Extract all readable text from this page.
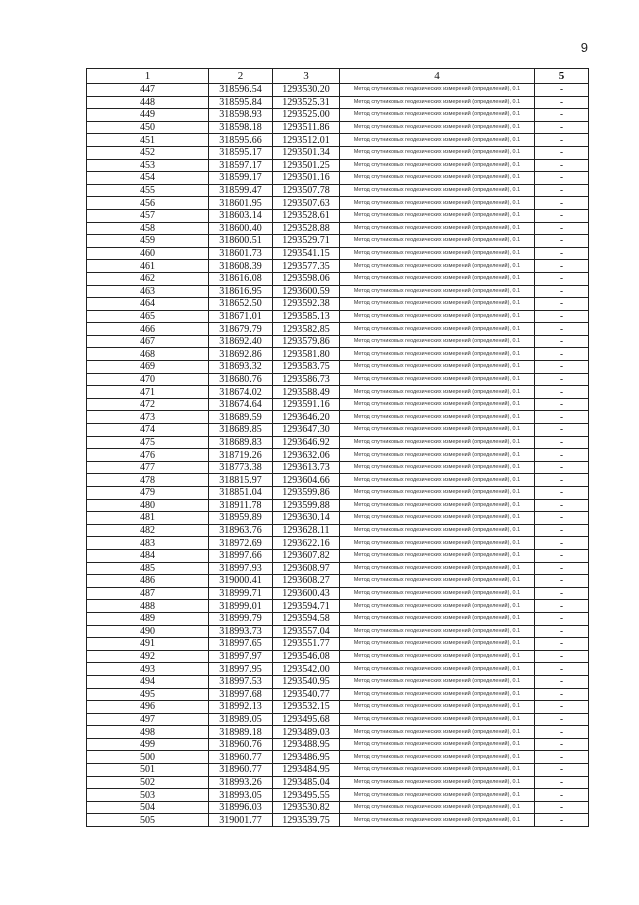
9
1	2	3	4	5
447	318596.54	1293530.20	Метод спутниковых геодезических измерений (определений), 0.1	-
448	318595.84	1293525.31	Метод спутниковых геодезических измерений (определений), 0.1	-
449	318598.93	1293525.00	Метод спутниковых геодезических измерений (определений), 0.1	-
450	318598.18	1293511.86	Метод спутниковых геодезических измерений (определений), 0.1	-
451	318595.66	1293512.01	Метод спутниковых геодезических измерений (определений), 0.1	-
452	318595.17	1293501.34	Метод спутниковых геодезических измерений (определений), 0.1	-
453	318597.17	1293501.25	Метод спутниковых геодезических измерений (определений), 0.1	-
454	318599.17	1293501.16	Метод спутниковых геодезических измерений (определений), 0.1	-
455	318599.47	1293507.78	Метод спутниковых геодезических измерений (определений), 0.1	-
456	318601.95	1293507.63	Метод спутниковых геодезических измерений (определений), 0.1	-
457	318603.14	1293528.61	Метод спутниковых геодезических измерений (определений), 0.1	-
458	318600.40	1293528.88	Метод спутниковых геодезических измерений (определений), 0.1	-
459	318600.51	1293529.71	Метод спутниковых геодезических измерений (определений), 0.1	-
460	318601.73	1293541.15	Метод спутниковых геодезических измерений (определений), 0.1	-
461	318608.39	1293577.35	Метод спутниковых геодезических измерений (определений), 0.1	-
462	318616.08	1293598.06	Метод спутниковых геодезических измерений (определений), 0.1	-
463	318616.95	1293600.59	Метод спутниковых геодезических измерений (определений), 0.1	-
464	318652.50	1293592.38	Метод спутниковых геодезических измерений (определений), 0.1	-
465	318671.01	1293585.13	Метод спутниковых геодезических измерений (определений), 0.1	-
466	318679.79	1293582.85	Метод спутниковых геодезических измерений (определений), 0.1	-
467	318692.40	1293579.86	Метод спутниковых геодезических измерений (определений), 0.1	-
468	318692.86	1293581.80	Метод спутниковых геодезических измерений (определений), 0.1	-
469	318693.32	1293583.75	Метод спутниковых геодезических измерений (определений), 0.1	-
470	318680.76	1293586.73	Метод спутниковых геодезических измерений (определений), 0.1	-
471	318674.02	1293588.49	Метод спутниковых геодезических измерений (определений), 0.1	-
472	318674.64	1293591.16	Метод спутниковых геодезических измерений (определений), 0.1	-
473	318689.59	1293646.20	Метод спутниковых геодезических измерений (определений), 0.1	-
474	318689.85	1293647.30	Метод спутниковых геодезических измерений (определений), 0.1	-
475	318689.83	1293646.92	Метод спутниковых геодезических измерений (определений), 0.1	-
476	318719.26	1293632.06	Метод спутниковых геодезических измерений (определений), 0.1	-
477	318773.38	1293613.73	Метод спутниковых геодезических измерений (определений), 0.1	-
478	318815.97	1293604.66	Метод спутниковых геодезических измерений (определений), 0.1	-
479	318851.04	1293599.86	Метод спутниковых геодезических измерений (определений), 0.1	-
480	318911.78	1293599.88	Метод спутниковых геодезических измерений (определений), 0.1	-
481	318959.89	1293630.14	Метод спутниковых геодезических измерений (определений), 0.1	-
482	318963.76	1293628.11	Метод спутниковых геодезических измерений (определений), 0.1	-
483	318972.69	1293622.16	Метод спутниковых геодезических измерений (определений), 0.1	-
484	318997.66	1293607.82	Метод спутниковых геодезических измерений (определений), 0.1	-
485	318997.93	1293608.97	Метод спутниковых геодезических измерений (определений), 0.1	-
486	319000.41	1293608.27	Метод спутниковых геодезических измерений (определений), 0.1	-
487	318999.71	1293600.43	Метод спутниковых геодезических измерений (определений), 0.1	-
488	318999.01	1293594.71	Метод спутниковых геодезических измерений (определений), 0.1	-
489	318999.79	1293594.58	Метод спутниковых геодезических измерений (определений), 0.1	-
490	318993.73	1293557.04	Метод спутниковых геодезических измерений (определений), 0.1	-
491	318997.65	1293551.77	Метод спутниковых геодезических измерений (определений), 0.1	-
492	318997.97	1293546.08	Метод спутниковых геодезических измерений (определений), 0.1	-
493	318997.95	1293542.00	Метод спутниковых геодезических измерений (определений), 0.1	-
494	318997.53	1293540.95	Метод спутниковых геодезических измерений (определений), 0.1	-
495	318997.68	1293540.77	Метод спутниковых геодезических измерений (определений), 0.1	-
496	318992.13	1293532.15	Метод спутниковых геодезических измерений (определений), 0.1	-
497	318989.05	1293495.68	Метод спутниковых геодезических измерений (определений), 0.1	-
498	318989.18	1293489.03	Метод спутниковых геодезических измерений (определений), 0.1	-
499	318960.76	1293488.95	Метод спутниковых геодезических измерений (определений), 0.1	-
500	318960.77	1293486.95	Метод спутниковых геодезических измерений (определений), 0.1	-
501	318960.77	1293484.95	Метод спутниковых геодезических измерений (определений), 0.1	-
502	318993.26	1293485.04	Метод спутниковых геодезических измерений (определений), 0.1	-
503	318993.05	1293495.55	Метод спутниковых геодезических измерений (определений), 0.1	-
504	318996.03	1293530.82	Метод спутниковых геодезических измерений (определений), 0.1	-
505	319001.77	1293539.75	Метод спутниковых геодезических измерений (определений), 0.1	-
